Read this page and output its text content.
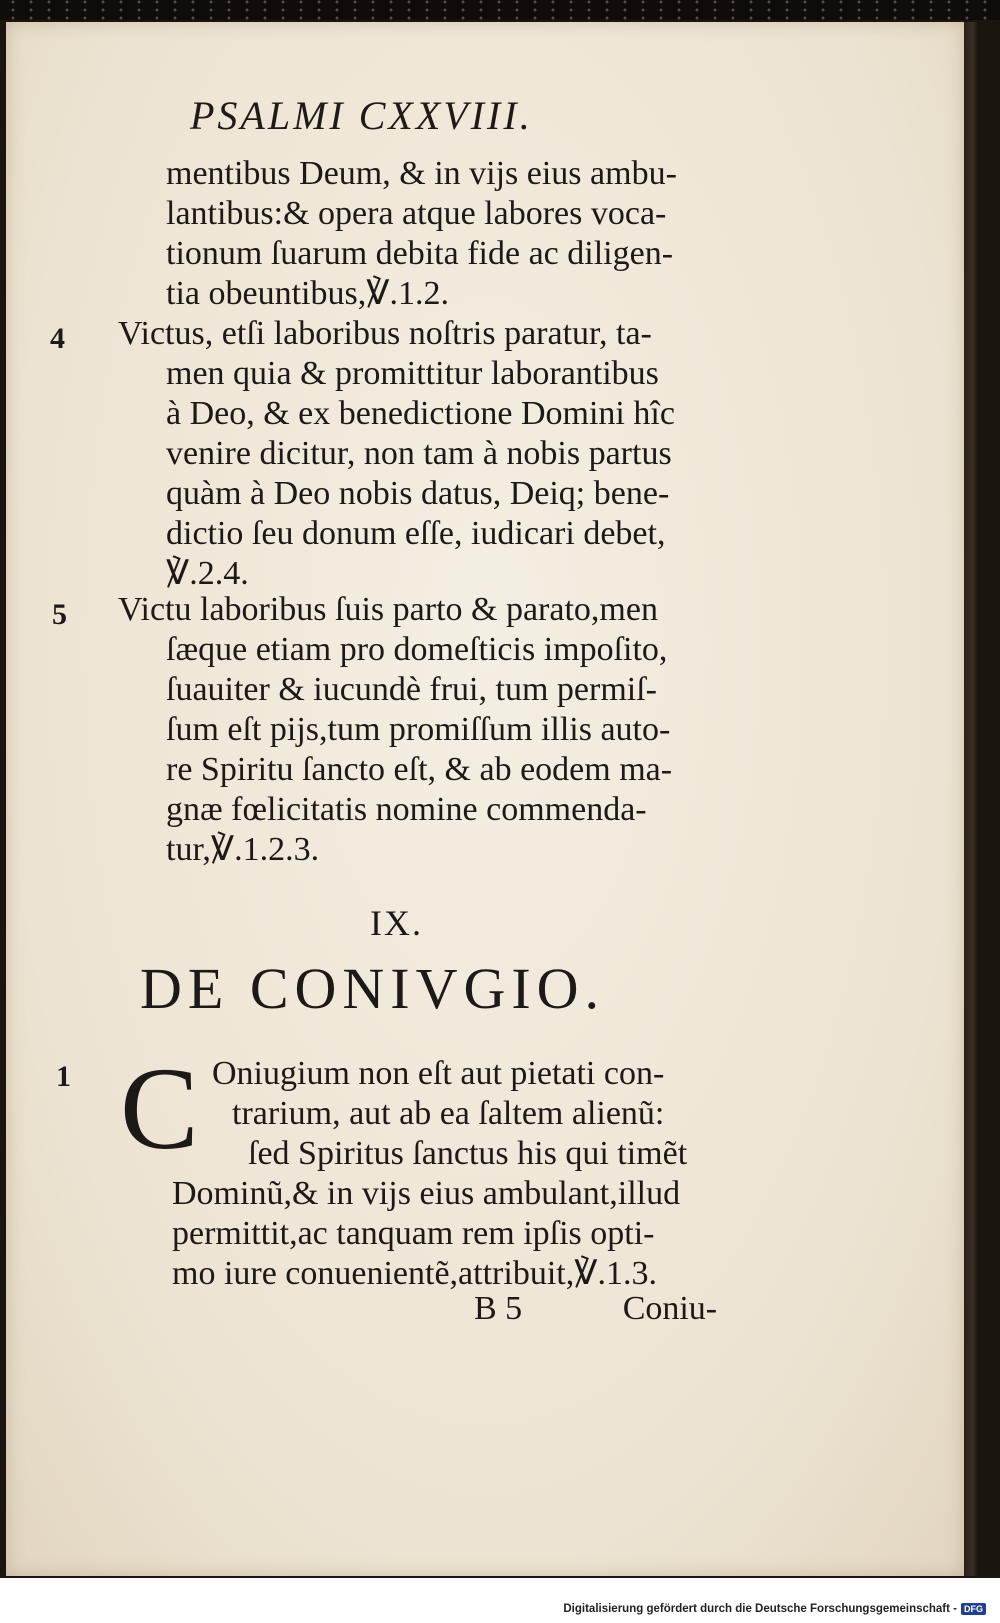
PSALMI CXXVIII.
mentibus Deum, & in vijs eius ambu-
lantibus:& opera atque labores voca-
tionum ſuarum debita fide ac diligen-
tia obeuntibus,℣.1.2.
4 Victus, etſi laboribus noſtris paratur, ta-
men quia & promittitur laborantibus
à Deo, & ex benedictione Domini hîc
venire dicitur, non tam à nobis partus
quàm à Deo nobis datus, Deiq; bene-
dictio ſeu donum eſſe, iudicari debet,
℣.2.4.
5 Victu laboribus ſuis parto & parato,men
ſæque etiam pro domeſticis impoſito,
ſuauiter & iucundè frui, tum permiſ-
ſum eſt pijs,tum promiſſum illis auto-
re Spiritu ſancto eſt, & ab eodem ma-
gnæ fœlicitatis nomine commenda-
tur,℣.1.2.3.
IX.
DE CONIVGIO.
1 C Oniugium non eſt aut pietati con-
trarium, aut ab ea ſaltem alienũ:
ſed Spiritus ſanctus his qui timẽt
Dominũ,& in vijs eius ambulant,illud
permittit,ac tanquam rem ipſis opti-
mo iure conuenientẽ,attribuit,℣.1.3.
B 5	Coniu-
Digitalisierung gefördert durch die Deutsche Forschungsgemeinschaft - DFG
